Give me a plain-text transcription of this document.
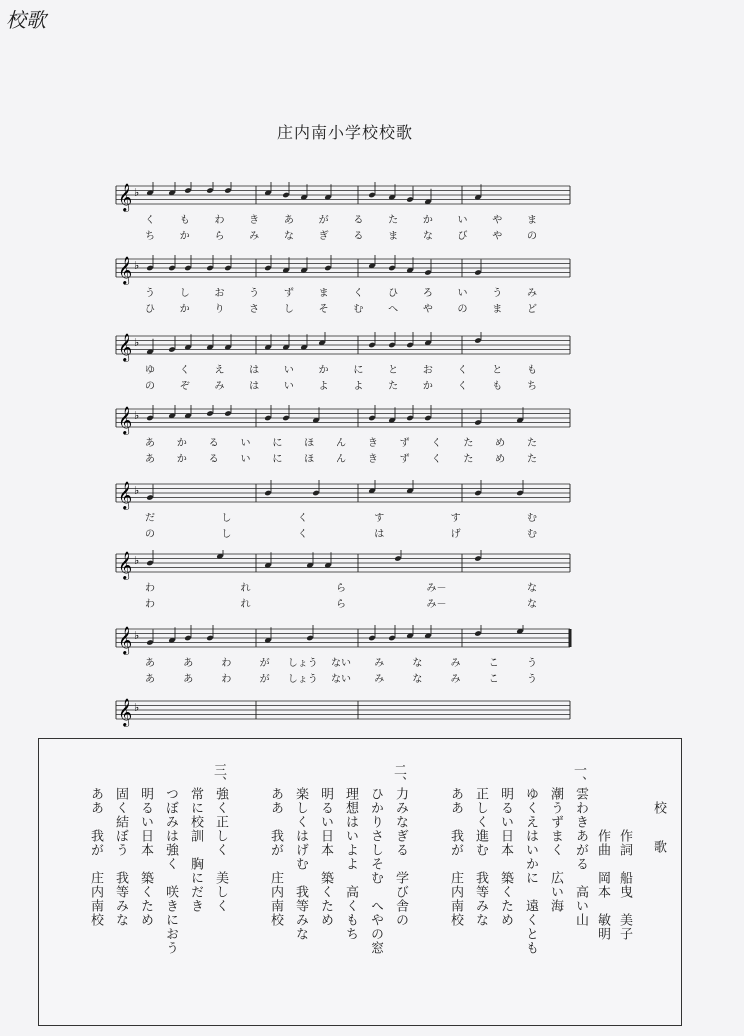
校歌
庄内南小学校校歌
𝄞 ♭
く も わ き あ が る た か い や ま
ち か ら み な ぎ る ま な び や の
𝄞 ♭
う し お う ず ま く ひ ろ い う み
ひ か り さ し そ む へ や の ま ど
𝄞 ♭
ゆ く え は い か に と お く と も
の ぞ み は い よ よ た か く も ち
𝄞 ♭
あ か る い に ほ ん き ず く た め た
あ か る い に ほ ん き ず く た め た
𝄞 ♭
だ	し	く	す	す	む
の	し	く	は	げ	む
𝄞 ♭
わ	れ	ら	み－	な
わ	れ	ら	み－	な
𝄞 ♭
あ	あ	わ	が しょう ない み	な	み	こ	う
あ	あ	わ	が しょう ない み	な	み	こ	う
𝄞 ♭
校歌
作詞　船曳　美子
作曲　岡本　敏明
一、
雲わきあがる　高い山
潮うずまく　広い海
ゆくえはいかに　遠くとも
明るい日本　築くため
正しく進む　我等みな
ああ　我が　庄内南校
二、
力みなぎる　学び舎の
ひかりさしそむ　へやの窓
理想はいよよ　高くもち
明るい日本　築くため
楽しくはげむ　我等みな
ああ　我が　庄内南校
三、
強く正しく　美しく
常に校訓　胸にだき
つぼみは強く　咲きにおう
明るい日本　築くため
固く結ぼう　我等みな
ああ　我が　庄内南校
